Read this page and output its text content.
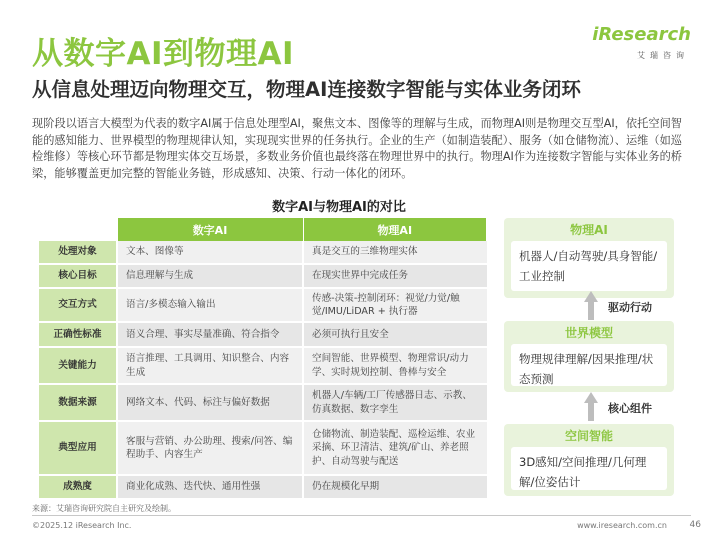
从数字AI到物理AI
从信息处理迈向物理交互，物理AI连接数字智能与实体业务闭环
iResearch
艾瑞咨询

现阶段以语言大模型为代表的数字AI属于信息处理型AI，聚焦文本、图像等的理解与生成，而物理AI则是物理交互型AI，依托空间智能的感知能力、世界模型的物理规律认知，实现现实世界的任务执行。企业的生产（如制造装配）、服务（如仓储物流）、运维（如巡检维修）等核心环节都是物理实体交互场景，多数业务价值也最终落在物理世界中的执行。物理AI作为连接数字智能与实体业务的桥梁，能够覆盖更加完整的智能业务链，形成感知、决策、行动一体化的闭环。

数字AI与物理AI的对比
	数字AI	物理AI
处理对象	文本、图像等	真是交互的三维物理实体
核心目标	信息理解与生成	在现实世界中完成任务
交互方式	语言/多模态输入输出	传感-决策-控制闭环：视觉/力觉/触觉/IMU/LiDAR + 执行器
正确性标准	语义合理、事实尽量准确、符合指令	必须可执行且安全
关键能力	语言推理、工具调用、知识整合、内容生成	空间智能、世界模型、物理常识/动力学、实时规划控制、鲁棒与安全
数据来源	网络文本、代码、标注与偏好数据	机器人/车辆/工厂传感器日志、示教、仿真数据、数字孪生
典型应用	客服与营销、办公助理、搜索/问答、编程助手、内容生产	仓储物流、制造装配、巡检运维、农业采摘、环卫清洁、建筑/矿山、养老照护、自动驾驶与配送
成熟度	商业化成熟、迭代快、通用性强	仍在规模化早期
物理AI
机器人/自动驾驶/具身智能/工业控制
驱动行动
世界模型
物理规律理解/因果推理/状态预测
核心组件
空间智能
3D感知/空间推理/几何理解/位姿估计
来源：艾瑞咨询研究院自主研究及绘制。
©2025.12 iResearch Inc.	www.iresearch.com.cn	46
